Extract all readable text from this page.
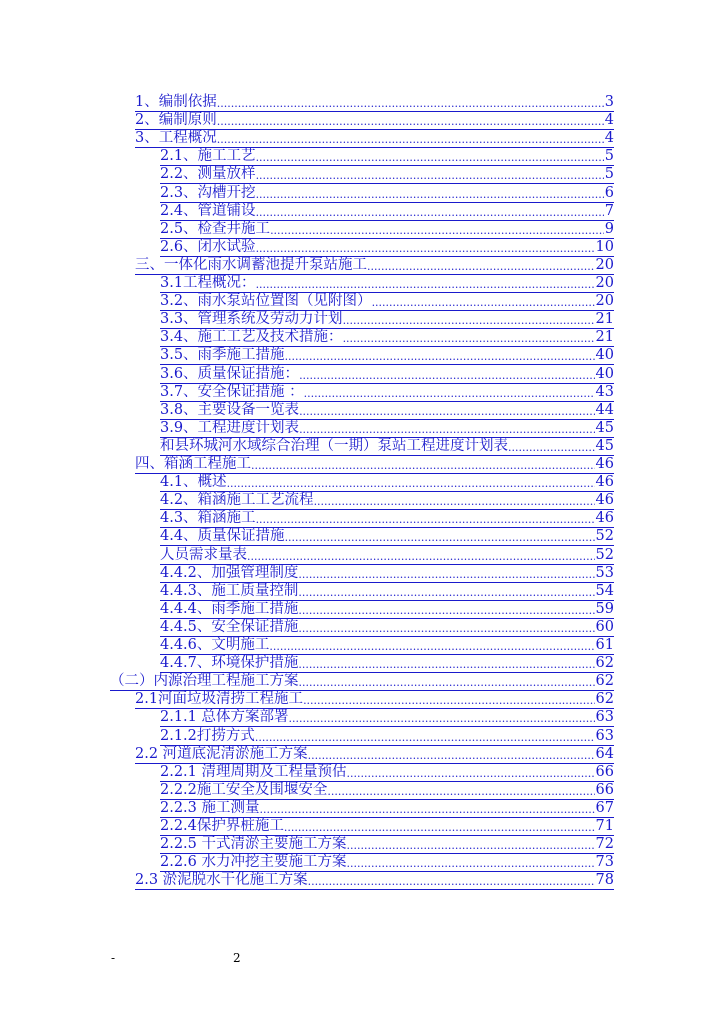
1、编制依据 .....	3
2、编制原则 .....	4
3、工程概况 .....	4
2.1、施工工艺 .....	5
2.2、测量放样 .....	5
2.3、沟槽开挖 .....	6
2.4、管道铺设 .....	7
2.5、检查井施工 .....	9
2.6、闭水试验 .....	10
三、一体化雨水调蓄池提升泵站施工 .....	20
3.1工程概况： .....	20
3.2、雨水泵站位置图（见附图） .....	20
3.3、管理系统及劳动力计划 .....	21
3.4、施工工艺及技术措施： .....	21
3.5、雨季施工措施 .....	40
3.6、质量保证措施： .....	40
3.7、安全保证措施 ： .....	43
3.8、主要设备一览表 .....	44
3.9、工程进度计划表 .....	45
和县环城河水域综合治理（一期）泵站工程进度计划表 .....	45
四、箱涵工程施工 .....	46
4.1、概述 .....	46
4.2、箱涵施工工艺流程 .....	46
4.3、箱涵施工 .....	46
4.4、质量保证措施 .....	52
人员需求量表 .....	52
4.4.2、加强管理制度 .....	53
4.4.3、施工质量控制 .....	54
4.4.4、雨季施工措施 .....	59
4.4.5、安全保证措施 .....	60
4.4.6、文明施工 .....	61
4.4.7、环境保护措施 .....	62
（二）内源治理工程施工方案 .....	62
2.1河面垃圾清捞工程施工 .....	62
2.1.1 总体方案部署 .....	63
2.1.2打捞方式 .....	63
2.2 河道底泥清淤施工方案 .....	64
2.2.1 清理周期及工程量预估 .....	66
2.2.2施工安全及围堰安全 .....	66
2.2.3 施工测量 .....	67
2.2.4保护界桩施工 .....	71
2.2.5 干式清淤主要施工方案 .....	72
2.2.6 水力冲挖主要施工方案 .....	73
2.3 淤泥脱水干化施工方案 .....	78
-	2
